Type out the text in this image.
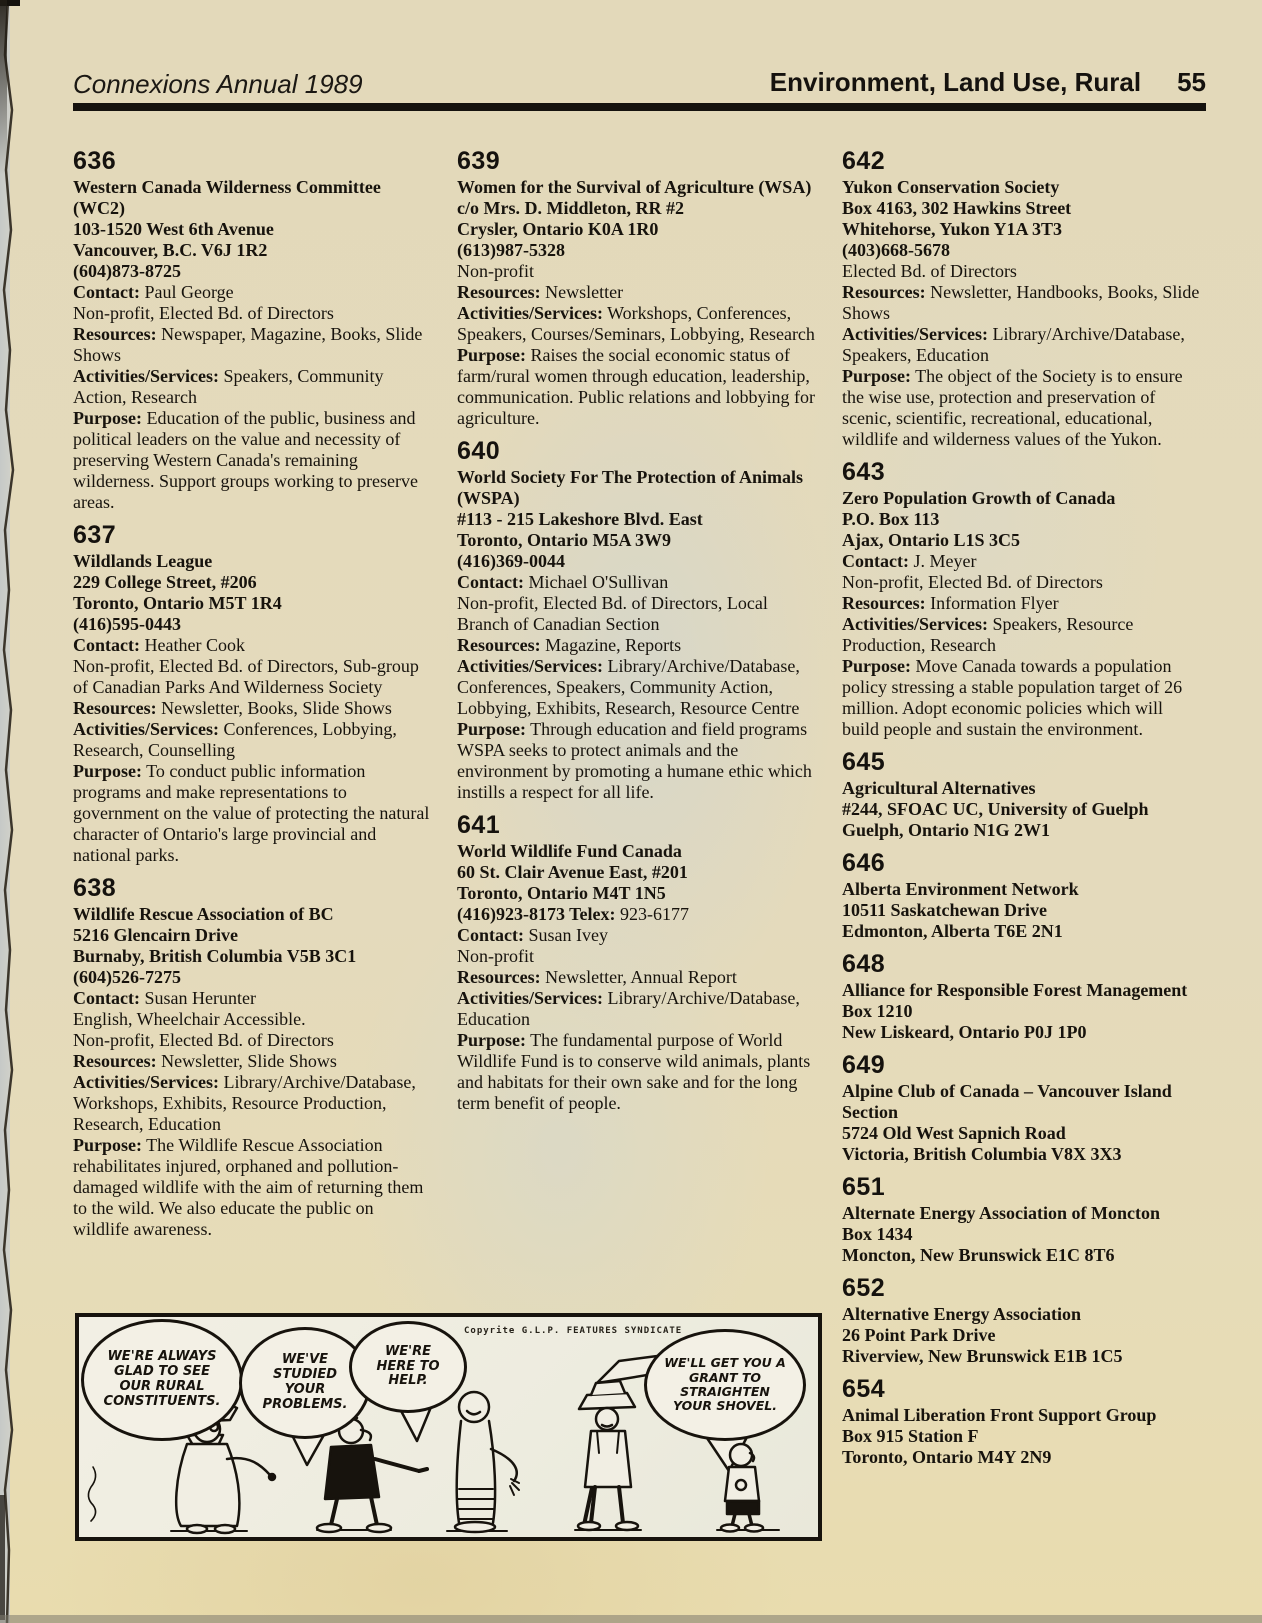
Connexions Annual 1989	Environment, Land Use, Rural 55
636
Western Canada Wilderness Committee (WC2)
103-1520 West 6th Avenue
Vancouver, B.C. V6J 1R2
(604)873-8725
Contact: Paul George
Non-profit, Elected Bd. of Directors
Resources: Newspaper, Magazine, Books, Slide Shows
Activities/Services: Speakers, Community Action, Research
Purpose: Education of the public, business and political leaders on the value and necessity of preserving Western Canada's remaining wilderness. Support groups working to preserve areas.
637
Wildlands League
229 College Street, #206
Toronto, Ontario M5T 1R4
(416)595-0443
Contact: Heather Cook
Non-profit, Elected Bd. of Directors, Sub-group of Canadian Parks And Wilderness Society
Resources: Newsletter, Books, Slide Shows
Activities/Services: Conferences, Lobbying, Research, Counselling
Purpose: To conduct public information programs and make representations to government on the value of protecting the natural character of Ontario's large provincial and national parks.
638
Wildlife Rescue Association of BC
5216 Glencairn Drive
Burnaby, British Columbia V5B 3C1
(604)526-7275
Contact: Susan Herunter
English, Wheelchair Accessible.
Non-profit, Elected Bd. of Directors
Resources: Newsletter, Slide Shows
Activities/Services: Library/Archive/Database, Workshops, Exhibits, Resource Production, Research, Education
Purpose: The Wildlife Rescue Association rehabilitates injured, orphaned and pollution-damaged wildlife with the aim of returning them to the wild. We also educate the public on wildlife awareness.
639
Women for the Survival of Agriculture (WSA)
c/o Mrs. D. Middleton, RR #2
Crysler, Ontario K0A 1R0
(613)987-5328
Non-profit
Resources: Newsletter
Activities/Services: Workshops, Conferences, Speakers, Courses/Seminars, Lobbying, Research
Purpose: Raises the social economic status of farm/rural women through education, leadership, communication. Public relations and lobbying for agriculture.
640
World Society For The Protection of Animals
(WSPA)
#113 - 215 Lakeshore Blvd. East
Toronto, Ontario M5A 3W9
(416)369-0044
Contact: Michael O'Sullivan
Non-profit, Elected Bd. of Directors, Local Branch of Canadian Section
Resources: Magazine, Reports
Activities/Services: Library/Archive/Database, Conferences, Speakers, Community Action, Lobbying, Exhibits, Research, Resource Centre
Purpose: Through education and field programs WSPA seeks to protect animals and the environment by promoting a humane ethic which instills a respect for all life.
641
World Wildlife Fund Canada
60 St. Clair Avenue East, #201
Toronto, Ontario M4T 1N5
(416)923-8173 Telex: 923-6177
Contact: Susan Ivey
Non-profit
Resources: Newsletter, Annual Report
Activities/Services: Library/Archive/Database, Education
Purpose: The fundamental purpose of World Wildlife Fund is to conserve wild animals, plants and habitats for their own sake and for the long term benefit of people.
642
Yukon Conservation Society
Box 4163, 302 Hawkins Street
Whitehorse, Yukon Y1A 3T3
(403)668-5678
Elected Bd. of Directors
Resources: Newsletter, Handbooks, Books, Slide Shows
Activities/Services: Library/Archive/Database, Speakers, Education
Purpose: The object of the Society is to ensure the wise use, protection and preservation of scenic, scientific, recreational, educational, wildlife and wilderness values of the Yukon.
643
Zero Population Growth of Canada
P.O. Box 113
Ajax, Ontario L1S 3C5
Contact: J. Meyer
Non-profit, Elected Bd. of Directors
Resources: Information Flyer
Activities/Services: Speakers, Resource Production, Research
Purpose: Move Canada towards a population policy stressing a stable population target of 26 million. Adopt economic policies which will build people and sustain the environment.
645
Agricultural Alternatives
#244, SFOAC UC, University of Guelph
Guelph, Ontario N1G 2W1
646
Alberta Environment Network
10511 Saskatchewan Drive
Edmonton, Alberta T6E 2N1
648
Alliance for Responsible Forest Management
Box 1210
New Liskeard, Ontario P0J 1P0
649
Alpine Club of Canada – Vancouver Island Section
5724 Old West Sapnich Road
Victoria, British Columbia V8X 3X3
651
Alternate Energy Association of Moncton
Box 1434
Moncton, New Brunswick E1C 8T6
652
Alternative Energy Association
26 Point Park Drive
Riverview, New Brunswick E1B 1C5
654
Animal Liberation Front Support Group
Box 915 Station F
Toronto, Ontario M4Y 2N9
Copyrite G.L.P. FEATURES SYNDICATE
WE'RE ALWAYS GLAD TO SEE OUR RURAL CONSTITUENTS.
WE'VE STUDIED YOUR PROBLEMS.
WE'RE HERE TO HELP.
WE'LL GET YOU A GRANT TO STRAIGHTEN YOUR SHOVEL.
